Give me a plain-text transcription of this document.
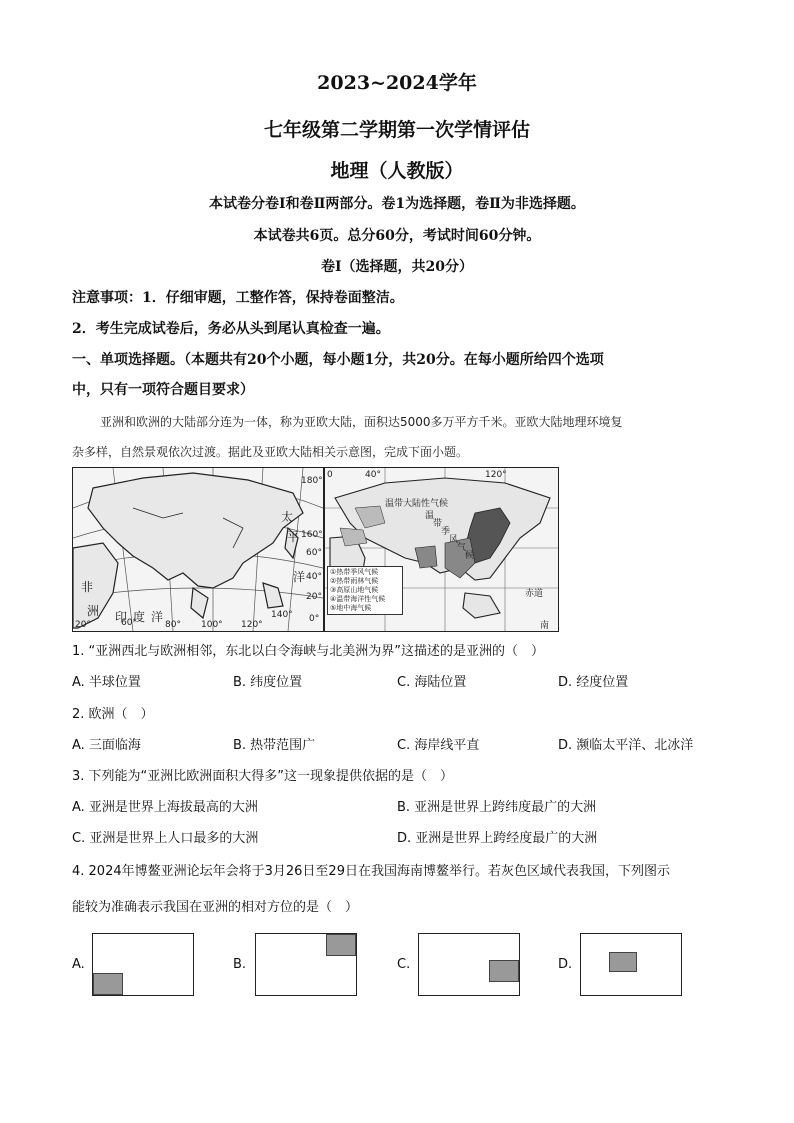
2023~2024学年
七年级第二学期第一次学情评估
地理（人教版）
本试卷分卷Ⅰ和卷Ⅱ两部分。卷1为选择题，卷Ⅱ为非选择题。
本试卷共6页。总分60分，考试时间60分钟。
卷Ⅰ（选择题，共20分）
注意事项：1．仔细审题，工整作答，保持卷面整洁。
2．考生完成试卷后，务必从头到尾认真检查一遍。
一、单项选择题。（本题共有20个小题，每小题1分，共20分。在每小题所给四个选项
中，只有一项符合题目要求）
亚洲和欧洲的大陆部分连为一体，称为亚欧大陆，面积达5000多万平方千米。亚欧大陆地理环境复
杂多样，自然景观依次过渡。据此及亚欧大陆相关示意图，完成下面小题。
非
洲 印 度 洋
太
平
洋
60°	80° 100° 120°
140°
160°
60°
40°
20°
0°
20°
180°
温
带
季
风
气
候
温带大陆性气候
赤道
0	40°	120°
南
①热带季风气候
②热带雨林气候
③高原山地气候
④温带海洋性气候
⑤地中海气候
1. “亚洲西北与欧洲相邻，东北以白令海峡与北美洲为界”这描述的是亚洲的（　）
A. 半球位置	B. 纬度位置	C. 海陆位置	D. 经度位置
2. 欧洲（　）
A. 三面临海	B. 热带范围广	C. 海岸线平直	D. 濒临太平洋、北冰洋
3. 下列能为“亚洲比欧洲面积大得多”这一现象提供依据的是（　）
A. 亚洲是世界上海拔最高的大洲	B. 亚洲是世界上跨纬度最广的大洲
C. 亚洲是世界上人口最多的大洲	D. 亚洲是世界上跨经度最广的大洲
4. 2024年博鳌亚洲论坛年会将于3月26日至29日在我国海南博鳌举行。若灰色区域代表我国，下列图示
能较为准确表示我国在亚洲的相对方位的是（　）
A.	B.	C.	D.
